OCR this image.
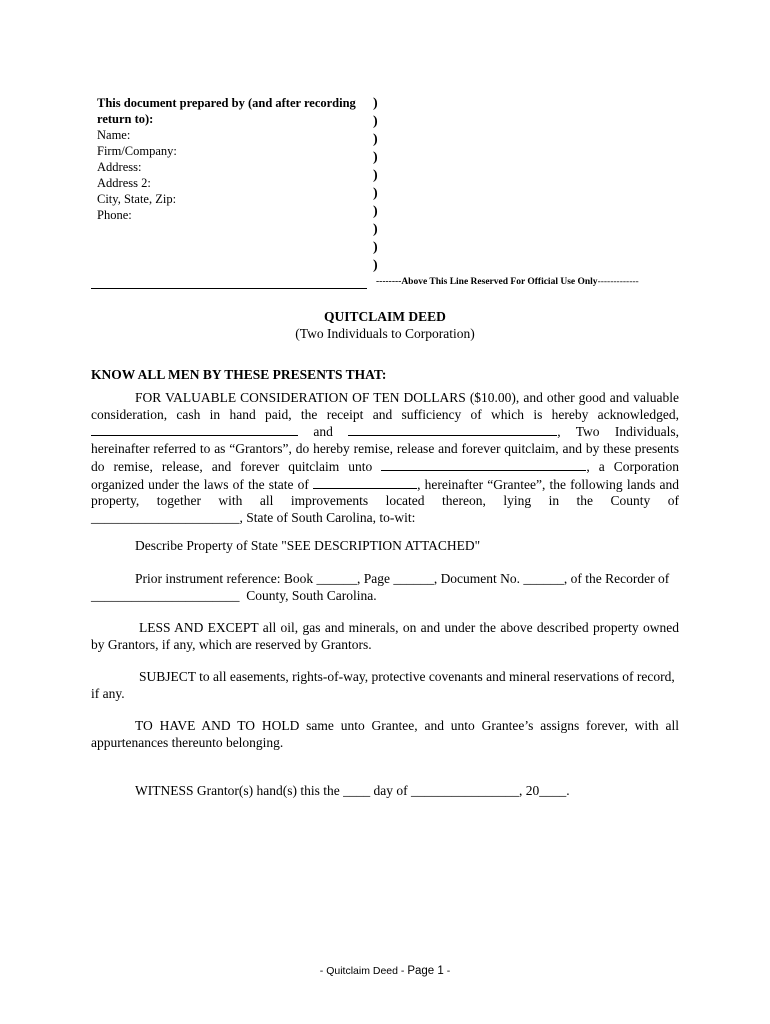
This document prepared by (and after recording return to):
Name:
Firm/Company:
Address:
Address 2:
City, State, Zip:
Phone:
)
)
)
)
)
)
)
)
)
)
--------Above This Line Reserved For Official Use Only-------------
QUITCLAIM DEED
(Two Individuals to Corporation)
KNOW ALL MEN BY THESE PRESENTS THAT:
FOR VALUABLE CONSIDERATION OF TEN DOLLARS ($10.00), and other good and valuable consideration, cash in hand paid, the receipt and sufficiency of which is hereby acknowledged,  and	, Two Individuals, hereinafter referred to as “Grantors”, do hereby remise, release and forever quitclaim, and by these presents do remise, release, and forever quitclaim unto	, a Corporation organized under the laws of the state of	, hereinafter “Grantee”, the following lands and property, together with all improvements located thereon, lying in the County of ______________________, State of South Carolina, to-wit:
Describe Property of State "SEE DESCRIPTION ATTACHED"
Prior instrument reference: Book ______, Page ______, Document No. ______, of the Recorder of
______________________  County, South Carolina.
LESS AND EXCEPT all oil, gas and minerals, on and under the above described property owned by Grantors, if any, which are reserved by Grantors.
SUBJECT to all easements, rights-of-way, protective covenants and mineral reservations of record, if any.
TO HAVE AND TO HOLD same unto Grantee, and unto Grantee’s assigns forever, with all appurtenances thereunto belonging.
WITNESS Grantor(s) hand(s) this the ____ day of ________________, 20____.
- Quitclaim Deed - Page 1 -
